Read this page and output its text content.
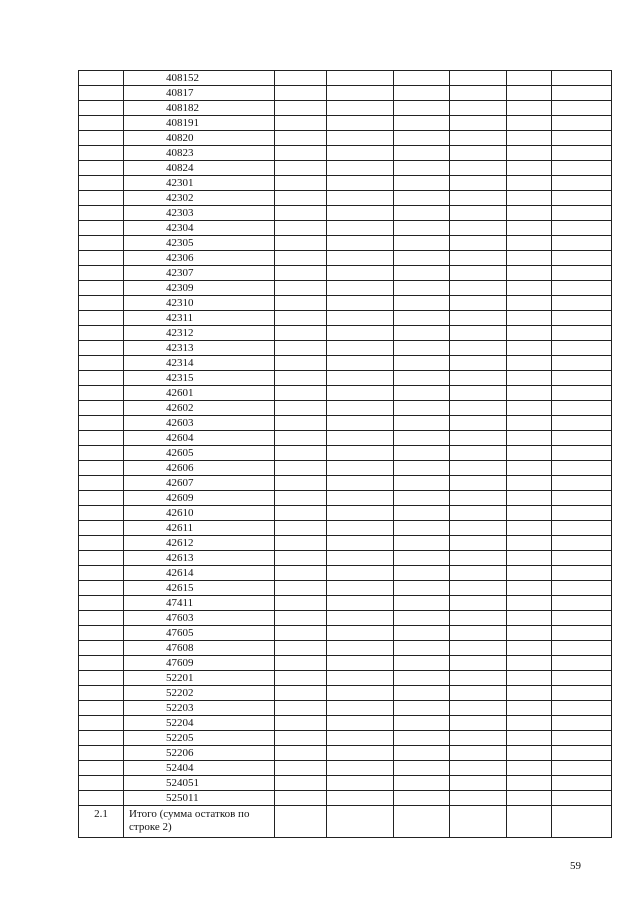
	408152						
	40817						
	408182						
	408191						
	40820						
	40823						
	40824						
	42301						
	42302						
	42303						
	42304						
	42305						
	42306						
	42307						
	42309						
	42310						
	42311						
	42312						
	42313						
	42314						
	42315						
	42601						
	42602						
	42603						
	42604						
	42605						
	42606						
	42607						
	42609						
	42610						
	42611						
	42612						
	42613						
	42614						
	42615						
	47411						
	47603						
	47605						
	47608						
	47609						
	52201						
	52202						
	52203						
	52204						
	52205						
	52206						
	52404						
	524051						
	525011						
2.1	Итого (сумма остатков по строке 2)						
59
